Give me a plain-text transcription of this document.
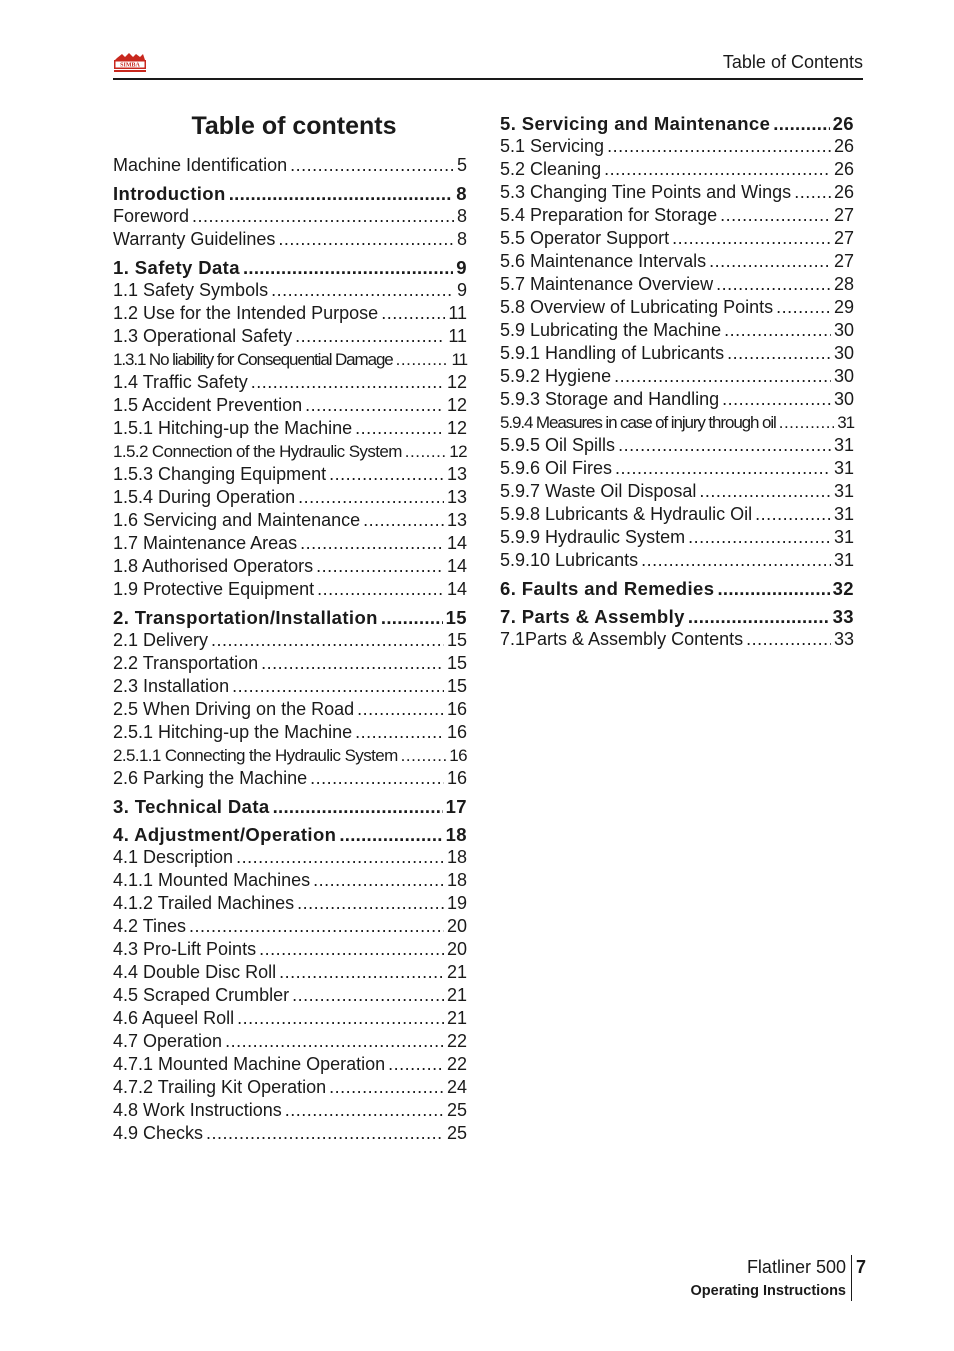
SIMBA	Table of Contents
Table of contents
Machine Identification .....	5
Introduction .....	8
Foreword .....	8
Warranty Guidelines .....	8
1. Safety Data .....	9
1.1 Safety Symbols .....	9
1.2 Use for the Intended Purpose .....	11
1.3 Operational Safety .....	11
1.3.1 No liability for Consequential Damage .....	11
1.4 Traffic Safety .....	12
1.5 Accident Prevention .....	12
1.5.1 Hitching-up the Machine .....	12
1.5.2 Connection of the Hydraulic System .....	12
1.5.3 Changing Equipment .....	13
1.5.4 During Operation .....	13
1.6 Servicing and Maintenance .....	13
1.7 Maintenance Areas .....	14
1.8 Authorised Operators .....	14
1.9 Protective Equipment .....	14
2. Transportation/Installation .....	15
2.1 Delivery .....	15
2.2 Transportation .....	15
2.3 Installation .....	15
2.5 When Driving on the Road .....	16
2.5.1 Hitching-up the Machine .....	16
2.5.1.1 Connecting the Hydraulic System .....	16
2.6 Parking the Machine .....	16
3. Technical Data .....	17
4. Adjustment/Operation .....	18
4.1 Description .....	18
4.1.1 Mounted Machines .....	18
4.1.2 Trailed Machines .....	19
4.2 Tines .....	20
4.3 Pro-Lift Points .....	20
4.4 Double Disc Roll .....	21
4.5 Scraped Crumbler .....	21
4.6 Aqueel Roll .....	21
4.7 Operation .....	22
4.7.1 Mounted Machine Operation .....	22
4.7.2 Trailing Kit Operation .....	24
4.8 Work Instructions .....	25
4.9 Checks .....	25
5. Servicing and Maintenance .....	26
5.1 Servicing .....	26
5.2 Cleaning .....	26
5.3 Changing Tine Points and Wings ..... 26
5.4 Preparation for Storage .....	27
5.5 Operator Support .....	27
5.6 Maintenance Intervals .....	27
5.7 Maintenance Overview .....	28
5.8 Overview of Lubricating Points .....	29
5.9 Lubricating the Machine .....	30
5.9.1 Handling of Lubricants .....	30
5.9.2 Hygiene .....	30
5.9.3 Storage and Handling .....	30
5.9.4 Measures in case of injury through oil .....	31
5.9.5 Oil Spills .....	31
5.9.6 Oil Fires .....	31
5.9.7 Waste Oil Disposal .....	31
5.9.8 Lubricants & Hydraulic Oil .....	31
5.9.9 Hydraulic System .....	31
5.9.10 Lubricants .....	31
6. Faults and Remedies .....	32
7. Parts & Assembly .....	33
7.1Parts & Assembly Contents .....	33
Flatliner 500
Operating Instructions
7
